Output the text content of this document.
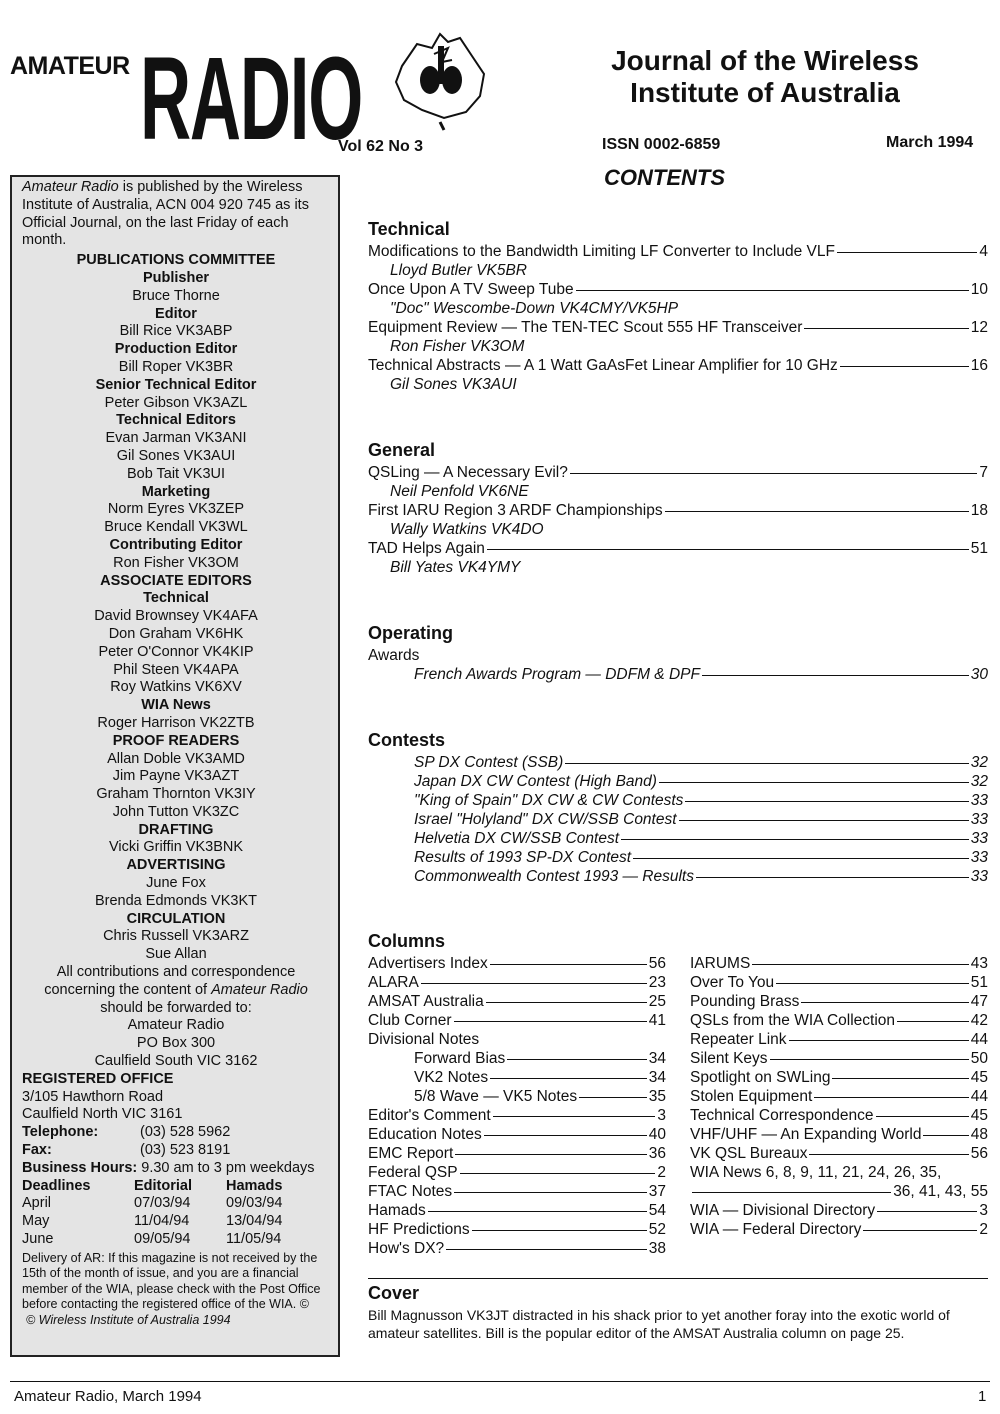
AMATEUR RADIO	Journal of the Wireless
Institute of Australia
Vol 62 No 3	ISSN 0002-6859	March 1994
CONTENTS
Amateur Radio is published by the Wireless Institute of Australia, ACN 004 920 745 as its Official Journal, on the last Friday of each month.
PUBLICATIONS COMMITTEE
Publisher
Bruce Thorne
Editor
Bill Rice VK3ABP
Production Editor
Bill Roper VK3BR
Senior Technical Editor
Peter Gibson VK3AZL
Technical Editors
Evan Jarman VK3ANI
Gil Sones VK3AUI
Bob Tait VK3UI
Marketing
Norm Eyres VK3ZEP
Bruce Kendall VK3WL
Contributing Editor
Ron Fisher VK3OM
ASSOCIATE EDITORS
Technical
David Brownsey VK4AFA
Don Graham VK6HK
Peter O'Connor VK4KIP
Phil Steen VK4APA
Roy Watkins VK6XV
WIA News
Roger Harrison VK2ZTB
PROOF READERS
Allan Doble VK3AMD
Jim Payne VK3AZT
Graham Thornton VK3IY
John Tutton VK3ZC
DRAFTING
Vicki Griffin VK3BNK
ADVERTISING
June Fox
Brenda Edmonds VK3KT
CIRCULATION
Chris Russell VK3ARZ
Sue Allan
All contributions and correspondence concerning the content of Amateur Radio should be forwarded to:
Amateur Radio
PO Box 300
Caulfield South VIC 3162
REGISTERED OFFICE
3/105 Hawthorn Road
Caulfield North VIC 3161
Telephone:	(03) 528 5962
Fax:	(03) 523 8191
Business Hours: 9.30 am to 3 pm weekdays
Deadlines	Editorial	Hamads
April	07/03/94	09/03/94
May	11/04/94	13/04/94
June	09/05/94	11/05/94
Delivery of AR: If this magazine is not received by the 15th of the month of issue, and you are a financial member of the WIA, please check with the Post Office before contacting the registered office of the WIA. ©
© Wireless Institute of Australia 1994
Technical
Modifications to the Bandwidth Limiting LF Converter to Include VLF	4
Lloyd Butler VK5BR
Once Upon A TV Sweep Tube	10
"Doc" Wescombe-Down VK4CMY/VK5HP
Equipment Review — The TEN-TEC Scout 555 HF Transceiver	12
Ron Fisher VK3OM
Technical Abstracts — A 1 Watt GaAsFet Linear Amplifier for 10 GHz	16
Gil Sones VK3AUI
General
QSLing — A Necessary Evil?	7
Neil Penfold VK6NE
First IARU Region 3 ARDF Championships	18
Wally Watkins VK4DO
TAD Helps Again	51
Bill Yates VK4YMY
Operating
Awards
French Awards Program — DDFM & DPF	30
Contests
SP DX Contest (SSB)	32
Japan DX CW Contest (High Band)	32
"King of Spain" DX CW & CW Contests	33
Israel "Holyland" DX CW/SSB Contest	33
Helvetia DX CW/SSB Contest	33
Results of 1993 SP-DX Contest	33
Commonwealth Contest 1993 — Results	33
Columns
Advertisers Index	56
ALARA	23
AMSAT Australia	25
Club Corner	41
Divisional Notes
Forward Bias	34
VK2 Notes	34
5/8 Wave — VK5 Notes	35
Editor's Comment	3
Education Notes	40
EMC Report	36
Federal QSP	2
FTAC Notes	37
Hamads	54
HF Predictions	52
How's DX?	38
IARUMS	43
Over To You	51
Pounding Brass	47
QSLs from the WIA Collection	42
Repeater Link	44
Silent Keys	50
Spotlight on SWLing	45
Stolen Equipment	44
Technical Correspondence	45
VHF/UHF — An Expanding World	48
VK QSL Bureaux	56
WIA News 6, 8, 9, 11, 21, 24, 26, 35,
36, 41, 43, 55
WIA — Divisional Directory	3
WIA — Federal Directory	2
Cover
Bill Magnusson VK3JT distracted in his shack prior to yet another foray into the exotic world of amateur satellites. Bill is the popular editor of the AMSAT Australia column on page 25.
Amateur Radio, March 1994	1
